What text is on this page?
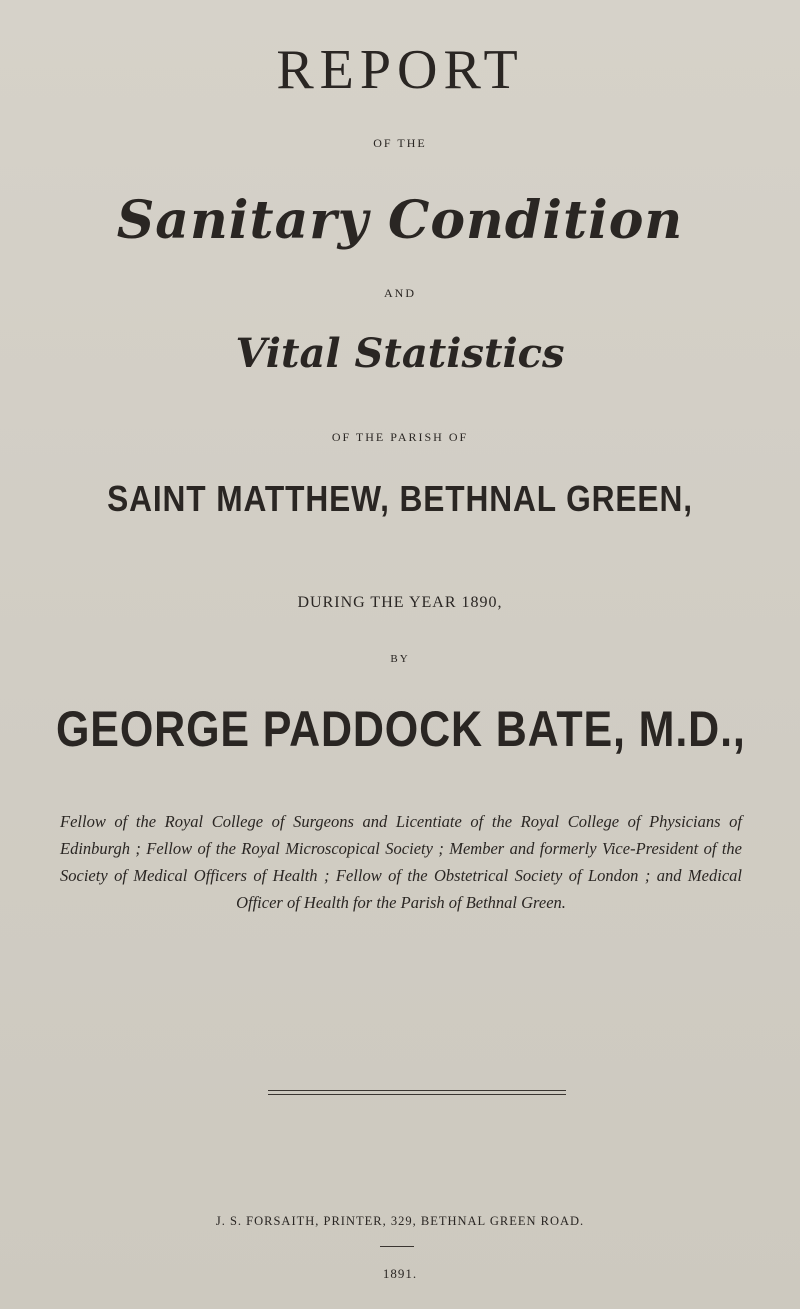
REPORT
OF THE
Sanitary Condition
AND
Vital Statistics
OF THE PARISH OF
SAINT MATTHEW, BETHNAL GREEN,
DURING THE YEAR 1890,
BY
GEORGE PADDOCK BATE, M.D.,
Fellow of the Royal College of Surgeons and Licentiate of the Royal College of Physicians of Edinburgh ; Fellow of the Royal Microscopical Society ; Member and formerly Vice-President of the Society of Medical Officers of Health ; Fellow of the Obstetrical Society of London ; and Medical Officer of Health for the Parish of Bethnal Green.
J. S. FORSAITH, PRINTER, 329, BETHNAL GREEN ROAD.
1891.
